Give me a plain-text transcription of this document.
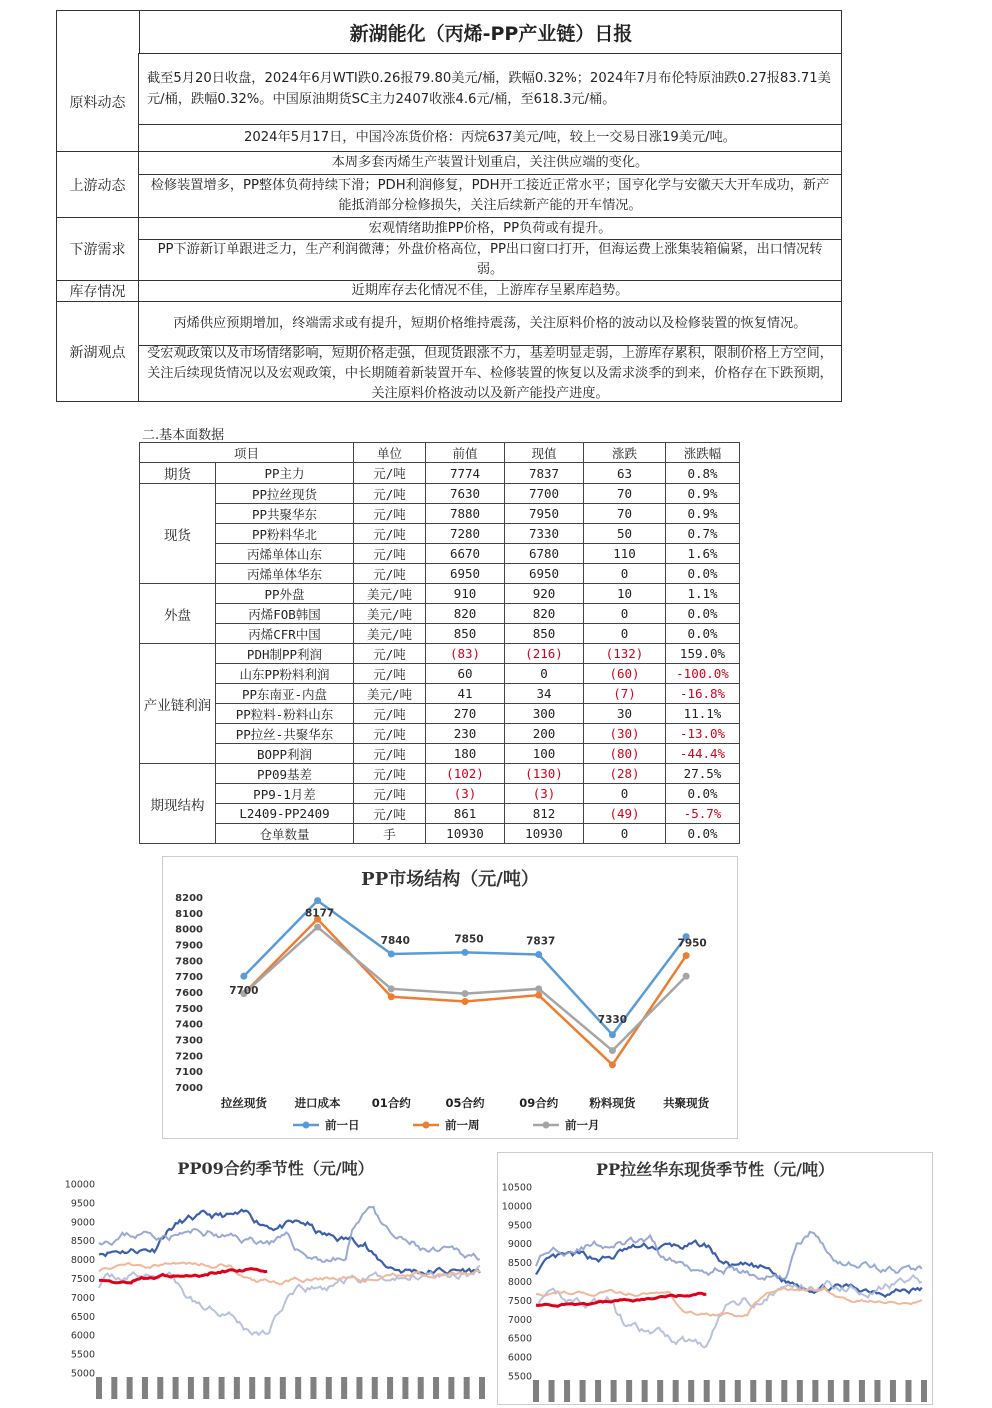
新湖能化（丙烯-PP产业链）日报
原料动态
截至5月20日收盘，2024年6月WTI跌0.26报79.80美元/桶，跌幅0.32%；2024年7月布伦特原油跌0.27报83.71美元/桶，跌幅0.32%。中国原油期货SC主力2407收涨4.6元/桶，至618.3元/桶。
2024年5月17日，中国冷冻货价格：丙烷637美元/吨，较上一交易日涨19美元/吨。
上游动态
本周多套丙烯生产装置计划重启，关注供应端的变化。
检修装置增多，PP整体负荷持续下滑；PDH利润修复，PDH开工接近正常水平；国亨化学与安徽天大开车成功，新产能抵消部分检修损失，关注后续新产能的开车情况。
下游需求
宏观情绪助推PP价格，PP负荷或有提升。
PP下游新订单跟进乏力，生产利润微薄；外盘价格高位，PP出口窗口打开，但海运费上涨集装箱偏紧，出口情况转弱。
库存情况	近期库存去化情况不佳，上游库存呈累库趋势。
新湖观点
丙烯供应预期增加，终端需求或有提升，短期价格维持震荡，关注原料价格的波动以及检修装置的恢复情况。
受宏观政策以及市场情绪影响，短期价格走强，但现货跟涨不力，基差明显走弱，上游库存累积，限制价格上方空间，关注后续现货情况以及宏观政策，中长期随着新装置开车、检修装置的恢复以及需求淡季的到来，价格存在下跌预期，关注原料价格波动以及新产能投产进度。
二.基本面数据
项目		单位	前值	现值	涨跌	涨跌幅
期货	PP主力	元/吨	7774	7837	63	0.8%
现货	PP拉丝现货	元/吨	7630	7700	70	0.9%
	PP共聚华东	元/吨	7880	7950	70	0.9%
	PP粉料华北	元/吨	7280	7330	50	0.7%
	丙烯单体山东	元/吨	6670	6780	110	1.6%
	丙烯单体华东	元/吨	6950	6950	0	0.0%
外盘	PP外盘	美元/吨	910	920	10	1.1%
	丙烯FOB韩国	美元/吨	820	820	0	0.0%
	丙烯CFR中国	美元/吨	850	850	0	0.0%
产业链利润	PDH制PP利润	元/吨	(83)	(216)	(132)	159.0%
	山东PP粉料利润	元/吨	60	0	(60)	-100.0%
	PP东南亚-内盘	美元/吨	41	34	(7)	-16.8%
	PP粒料-粉料山东	元/吨	270	300	30	11.1%
	PP拉丝-共聚华东	元/吨	230	200	(30)	-13.0%
	BOPP利润	元/吨	180	100	(80)	-44.4%
期现结构	PP09基差	元/吨	(102)	(130)	(28)	27.5%
	PP9-1月差	元/吨	(3)	(3)	0	0.0%
	L2409-PP2409	元/吨	861	812	(49)	-5.7%
	仓单数量	手	10930	10930	0	0.0%
PP市场结构（元/吨）
7000
7100
7200
7300
7400
7500
7600
7700
7800
7900
8000
8100
8200
拉丝现货 进口成本	01合约	05合约	09合约	粉料现货 共聚现货
7700
8177
7840	7850	7837
7330
7950
前一日	前一周	前一月
PP09合约季节性（元/吨）
5000
5500
6000
6500
7000
7500
8000
8500
9000
9500
10000
PP拉丝华东现货季节性（元/吨）
5500
6000
6500
7000
7500
8000
8500
9000
9500
10000
10500
